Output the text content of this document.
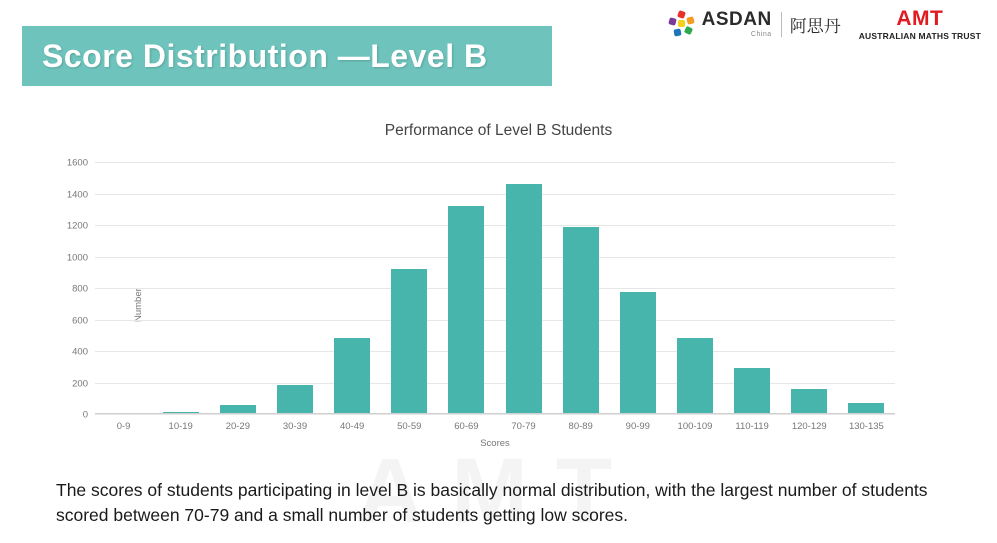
Score Distribution —Level B
ASDAN
China	阿思丹	AMT
AUSTRALIAN MATHS TRUST
Performance of Level B Students
Number
0
200
400
600
800
1000
1200
1400
1600
0-9	10-19	20-29	30-39	40-49	50-59	60-69	70-79	80-89	90-99	100-109	110-119	120-129	130-135
Scores
The scores of students participating in level B is basically normal distribution, with the largest number of students scored between 70-79 and a small number of students getting low scores.
